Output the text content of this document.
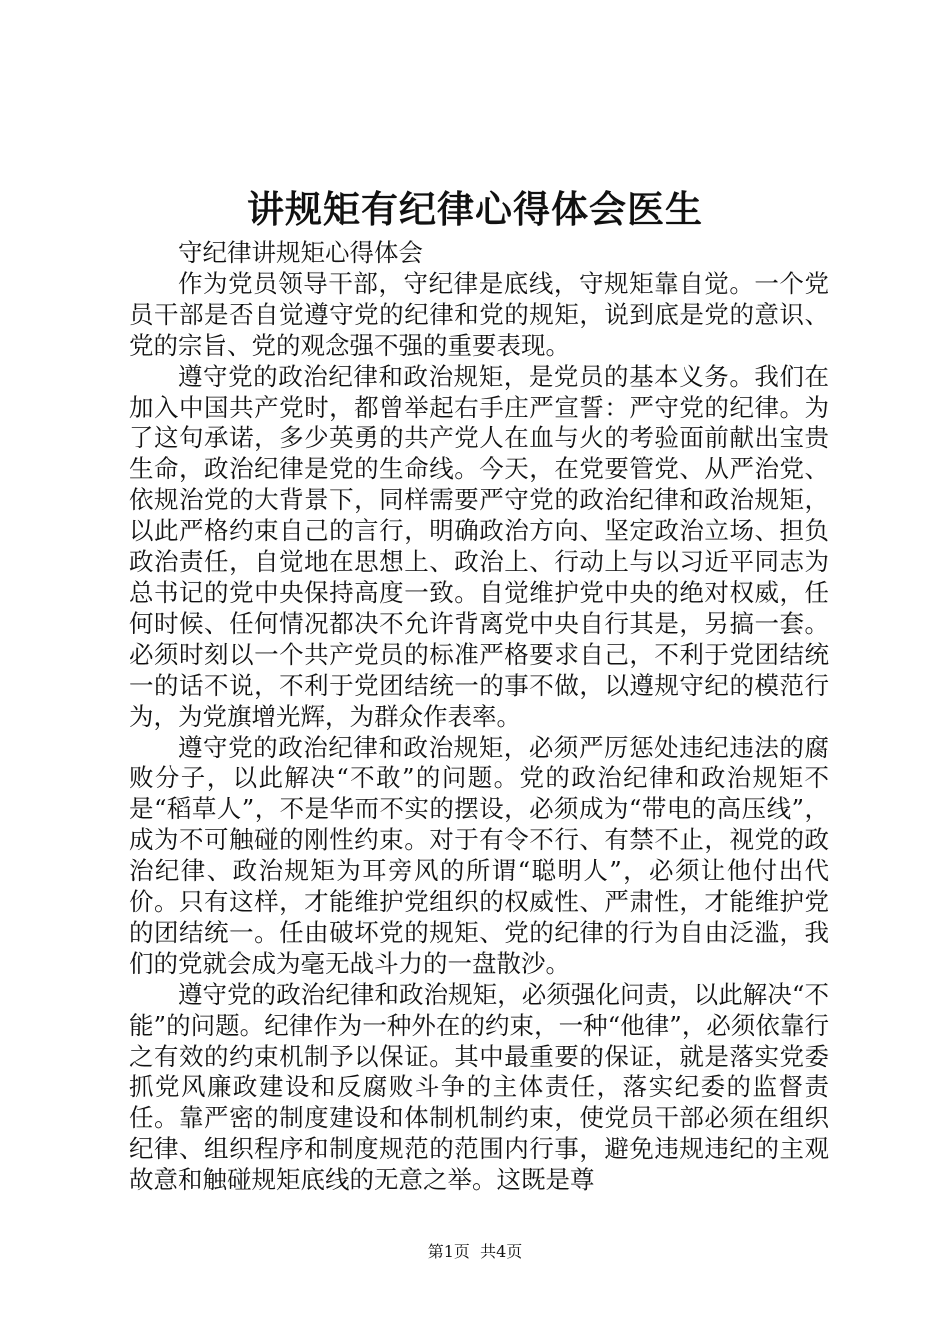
讲规矩有纪律心得体会医生

守纪律讲规矩心得体会

作为党员领导干部，守纪律是底线，守规矩靠自觉。一个党员干部是否自觉遵守党的纪律和党的规矩，说到底是党的意识、党的宗旨、党的观念强不强的重要表现。

遵守党的政治纪律和政治规矩，是党员的基本义务。我们在加入中国共产党时，都曾举起右手庄严宣誓：严守党的纪律。为了这句承诺，多少英勇的共产党人在血与火的考验面前献出宝贵生命，政治纪律是党的生命线。今天，在党要管党、从严治党、依规治党的大背景下，同样需要严守党的政治纪律和政治规矩，以此严格约束自己的言行，明确政治方向、坚定政治立场、担负政治责任，自觉地在思想上、政治上、行动上与以习近平同志为总书记的党中央保持高度一致。自觉维护党中央的绝对权威，任何时候、任何情况都决不允许背离党中央自行其是，另搞一套。必须时刻以一个共产党员的标准严格要求自己，不利于党团结统一的话不说，不利于党团结统一的事不做，以遵规守纪的模范行为，为党旗增光辉，为群众作表率。

遵守党的政治纪律和政治规矩，必须严厉惩处违纪违法的腐败分子，以此解决“不敢”的问题。党的政治纪律和政治规矩不是“稻草人”，不是华而不实的摆设，必须成为“带电的高压线”，成为不可触碰的刚性约束。对于有令不行、有禁不止，视党的政治纪律、政治规矩为耳旁风的所谓“聪明人”，必须让他付出代价。只有这样，才能维护党组织的权威性、严肃性，才能维护党的团结统一。任由破坏党的规矩、党的纪律的行为自由泛滥，我们的党就会成为毫无战斗力的一盘散沙。

遵守党的政治纪律和政治规矩，必须强化问责，以此解决“不能”的问题。纪律作为一种外在的约束，一种“他律”，必须依靠行之有效的约束机制予以保证。其中最重要的保证，就是落实党委抓党风廉政建设和反腐败斗争的主体责任，落实纪委的监督责任。靠严密的制度建设和体制机制约束，使党员干部必须在组织纪律、组织程序和制度规范的范围内行事，避免违规违纪的主观故意和触碰规矩底线的无意之举。这既是尊

第1页 共4页
